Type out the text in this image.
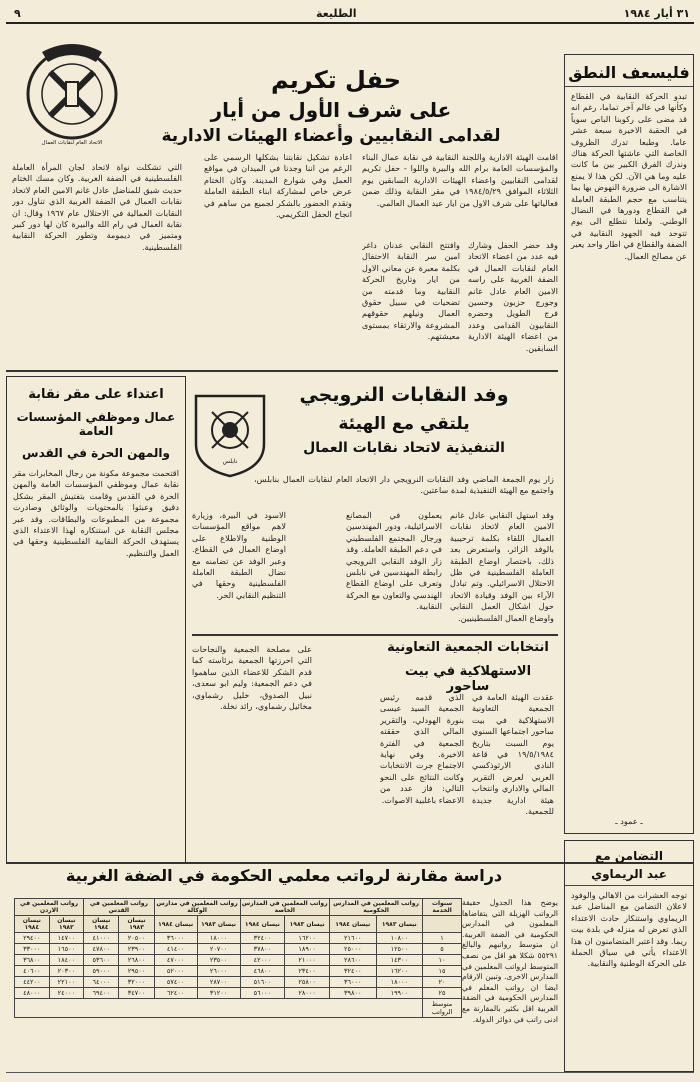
٩	الطليعة	٣١ أيار ١٩٨٤
الاتحاد العام لنقابات العمال
حفل تكريم
على شرف الأول من أيار
لقدامى النقابيين وأعضاء الهيئات الادارية
اقامت الهيئة الادارية واللجنة النقابية في نقابة عمال البناء والمؤسسات العامة برام الله والبيرة واللوا - حفل تكريم لقدامى النقابيين واعضاء الهيئات الادارية السابقين يوم الثلاثاء الموافق ١٩٨٤/٥/٢٩ في مقر النقابة وذلك ضمن فعالياتها على شرف الاول من ايار عيد العمال العالمي.
وقد حضر الحفل وشارك فيه عدد من اعضاء الاتحاد العام لنقابات العمال في الضفة الغربية على راسه الامين العام عادل غانم وجورج حزبون وحسين فرج الطويل وحضره النقابيون القدامى وعدد من اعضاء الهيئة الادارية السابقين.
وافتتح النقابي عدنان داغر امين سر النقابة الاحتفال بكلمة معبرة عن معاني الاول من ايار وتاريخ الحركة النقابية وما قدمته من تضحيات في سبيل حقوق العمال ونيلهم حقوقهم المشروعة والارتقاء بمستوى معيشتهم.
اعادة تشكيل نقابتنا بشكلها الرسمي على الرغم من اننا وجدنا في الميدان في مواقع العمل وفي شوارع المدينة. وكان الختام عرض خاص لمشاركة ابناء الطبقة العاملة وتقدم الحضور بالشكر لجميع من ساهم في انجاح الحفل التكريمي.
التي تشكلت نواة لاتحاد لجان المرأة العاملة الفلسطينية في الضفة الغربية. وكان مسك الختام حديث شيق للمناضل عادل غانم الامين العام لاتحاد نقابات العمال في الضفة الغربية الذي تناول دور النقابات العمالية في الاحتلال عام ١٩٦٧ وقال: ان نقابة العمال في رام الله والبيرة كان لها دور كبير ومتميز في ديمومة وتطور الحركة النقابية الفلسطينية.
فليسعف النطق
تبدو الحركة النقابية في القطاع وكأنها في عالم آخر تماما، رغم انه قد مضى على ركوبنا الباص سوياً في الحقبة الاخيرة سبعة عشر عاما. وطبعا تدرك الظروف الخاصة التي عاشتها الحركة هناك وندرك الفرق الكبير بين ما كانت عليه وما هي الآن. لكن هذا لا يمنع الاشارة الى ضرورة النهوض بها بما يتناسب مع حجم الطبقة العاملة في القطاع ودورها في النضال الوطني. ولعلنا نتطلع الى يوم تتوحد فيه الجهود النقابية في الضفة والقطاع في اطار واحد يعبر عن مصالح العمال.
ـ عمود ـ
اعتداء على مقر نقابة
عمال وموظفي المؤسسات العامة
والمهن الحرة في القدس
اقتحمت مجموعة مكونة من رجال المخابرات مقر نقابة عمال وموظفي المؤسسات العامة والمهن الحرة في القدس وقامت بتفتيش المقر بشكل دقيق وعبثوا بالمحتويات والوثائق وصادرت مجموعة من المطبوعات والبطاقات. وقد عبر مجلس النقابة عن استنكاره لهذا الاعتداء الذي يستهدف الحركة النقابية الفلسطينية وحقها في العمل والتنظيم.
وفد النقابات النرويجي
يلتقي مع الهيئة
التنفيذية لاتحاد نقابات العمال
نابلس
زار يوم الجمعة الماضي وفد النقابات النرويجي دار الاتحاد العام لنقابات العمال بنابلس، واجتمع مع الهيئة التنفيذية لمدة ساعتين.
وقد استهل النقابي عادل غانم الامين العام لاتحاد نقابات العمال اللقاء بكلمة ترحيبية بالوفد الزائر، واستعرض بعد ذلك، باختصار اوضاع الطبقة العاملة الفلسطينية في ظل الاحتلال الاسرائيلي. وتم تبادل الآراء بين الوفد وقيادة الاتحاد حول اشكال العمل النقابي واوضاع العمال الفلسطينيين.
يعملون في المصانع الاسرائيلية، ودور المهندسين ورجال المجتمع الفلسطيني في دعم الطبقة العاملة. وقد زار الوفد النقابي النرويجي رابطة المهندسين في نابلس وتعرف على اوضاع القطاع الهندسي والتعاون مع الحركة النقابية.
الاسود في البيرة، وزيارة لاهم مواقع المؤسسات الوطنية والاطلاع على اوضاع العمال في القطاع. وعبر الوفد عن تضامنه مع نضال الطبقة العاملة الفلسطينية وحقها في التنظيم النقابي الحر.
انتخابات الجمعية التعاونية
الاستهلاكية في بيت ساحور
عقدت الهيئة العامة في الجمعية التعاونية الاستهلاكية في بيت ساحور اجتماعها السنوي يوم السبت بتاريخ ١٩/٥/١٩٨٤ في قاعة النادي الارثوذكسي العربي لعرض التقرير المالي والاداري وانتخاب هيئة ادارية جديدة للجمعية.
الذي قدمه رئيس الجمعية السيد عيسى بنورة الهودلي، والتقرير المالي الذي حققته الجمعية في الفترة الاخيرة. وفي نهاية الاجتماع جرت الانتخابات وكانت النتائج على النحو التالي: فاز عدد من الاعضاء باغلبية الاصوات.
على مصلحة الجمعية والنجاحات التي احرزتها الجمعية برئاسته كما قدم الشكر للاعضاء الذين ساهموا في دعم الجمعية: وليم ابو سعدى، نبيل الصدوق، خليل رشماوي، مخائيل رشماوي، رائد نخلة.
التضامن مع
عبد الريماوي
توجه العشرات من الاهالي والوفود لاعلان التضامن مع المناضل عبد الريماوي واستنكار حادث الاعتداء الذي تعرض له منزله في بلدة بيت ريما. وقد اعتبر المتضامنون ان هذا الاعتداء يأتي في سياق الحملة على الحركة الوطنية والنقابية.
دراسة مقارنة لرواتب معلمي الحكومة في الضفة الغربية
يوضح هذا الجدول حقيقة الرواتب الهزيلة التي يتقاضاها المعلمون في المدارس الحكومية في الضفة الغربية. ان متوسط رواتبهم والبالغ ٥٥٢٩١ شكلا هو اقل من نصف المتوسط لرواتب المعلمين في المدارس الاخرى. وتبين الارقام ايضا ان رواتب المعلم في المدارس الحكومية في الضفة الغربية اقل بكثير بالمقارنة مع ادنى راتب في دوائر الدولة.
سنوات الخدمة	رواتب المعلمين في المدارس الحكومية		رواتب المعلمين في المدارس الخاصة		رواتب المعلمين في مدارس الوكالة		رواتب المعلمين في القدس		رواتب المعلمين في الاردن	
	نيسان ١٩٨٣	نيسان ١٩٨٤	نيسان ١٩٨٣	نيسان ١٩٨٤	نيسان ١٩٨٣	نيسان ١٩٨٤	نيسان ١٩٨٣	نيسان ١٩٨٤	نيسان ١٩٨٣	نيسان ١٩٨٤
١	١٠٨٠٠	٢١٦٠٠	١٦٢٠٠	٣٢٤٠٠	١٨٠٠٠	٣٦٠٠٠	٢٠٥٠٠	٤١٠٠٠	١٤٧٠٠	٢٩٤٠٠
٥	١٢٥٠٠	٢٥٠٠٠	١٨٩٠٠	٣٧٨٠٠	٢٠٧٠٠	٤١٤٠٠	٢٣٩٠٠	٤٧٨٠٠	١٦٥٠٠	٣٣٠٠٠
١٠	١٤٣٠٠	٢٨٦٠٠	٢١٠٠٠	٤٢٠٠٠	٢٣٥٠٠	٤٧٠٠٠	٢٦٨٠٠	٥٣٦٠٠	١٨٤٠٠	٣٦٨٠٠
١٥	١٦٢٠٠	٣٢٤٠٠	٢٣٤٠٠	٤٦٨٠٠	٢٦٠٠٠	٥٢٠٠٠	٢٩٥٠٠	٥٩٠٠٠	٢٠٣٠٠	٤٠٦٠٠
٢٠	١٨٠٠٠	٣٦٠٠٠	٢٥٨٠٠	٥١٦٠٠	٢٨٧٠٠	٥٧٤٠٠	٣٢٠٠٠	٦٤٠٠٠	٢٢١٠٠	٤٤٢٠٠
٢٥	١٩٩٠٠	٣٩٨٠٠	٢٨٠٠٠	٥٦٠٠٠	٣١٢٠٠	٦٢٤٠٠	٣٤٧٠٠	٦٩٤٠٠	٢٤٠٠٠	٤٨٠٠٠
متوسط الرواتب										
